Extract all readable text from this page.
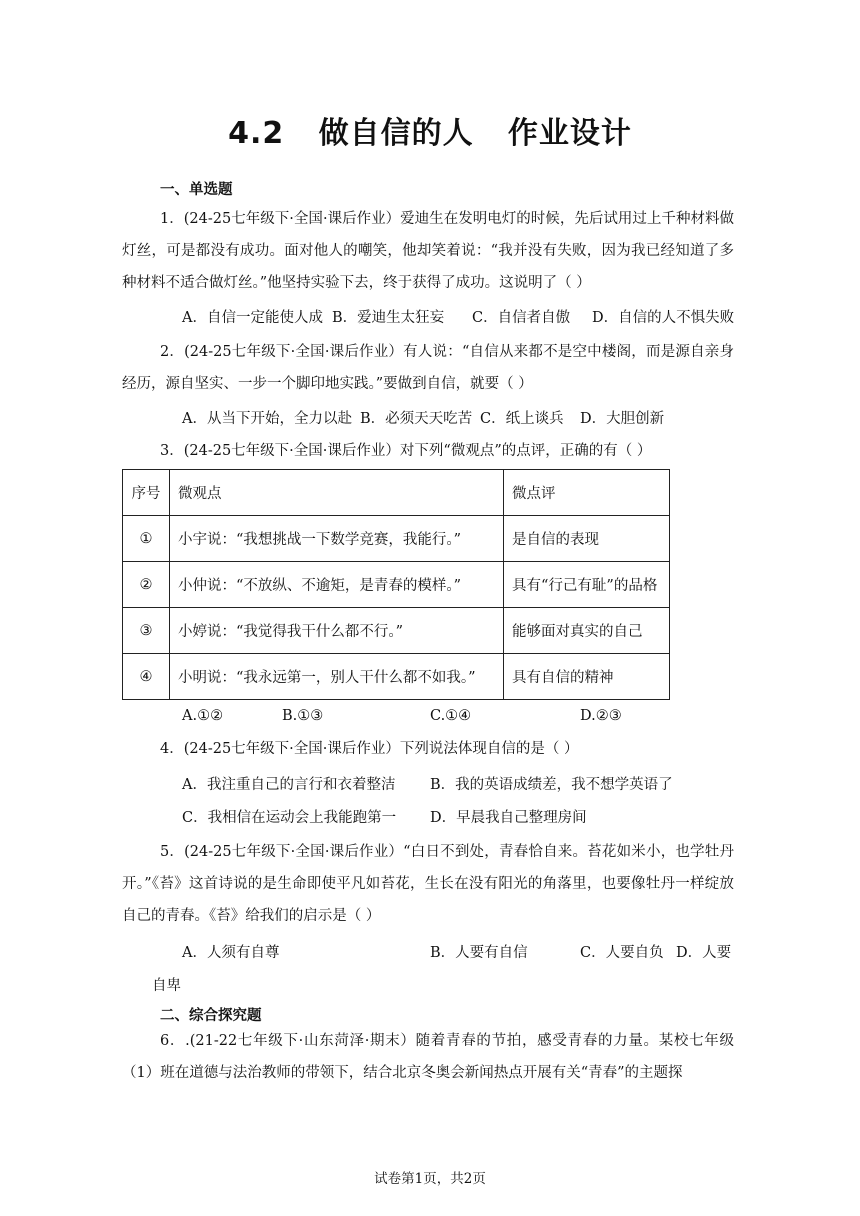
4.2   做自信的人   作业设计
一、单选题
1．(24-25七年级下·全国·课后作业）爱迪生在发明电灯的时候，先后试用过上千种材料做灯丝，可是都没有成功。面对他人的嘲笑，他却笑着说：“我并没有失败，因为我已经知道了多种材料不适合做灯丝。”他坚持实验下去，终于获得了成功。这说明了（ ）
A．自信一定能使人成 B．爱迪生太狂妄 C．自信者自傲 D．自信的人不惧失败
2．(24-25七年级下·全国·课后作业）有人说：“自信从来都不是空中楼阁，而是源自亲身经历，源自坚实、一步一个脚印地实践。”要做到自信，就要（ ）
A．从当下开始，全力以赴 B．必须天天吃苦 C．纸上谈兵 D．大胆创新
3．(24-25七年级下·全国·课后作业）对下列“微观点”的点评，正确的有（ ）
序号	微观点	微点评
①	小宇说：“我想挑战一下数学竞赛，我能行。”	是自信的表现
②	小仲说：“不放纵、不逾矩，是青春的模样。”	具有“行己有耻”的品格
③	小婷说：“我觉得我干什么都不行。”	能够面对真实的自己
④	小明说：“我永远第一，别人干什么都不如我。”	具有自信的精神
A.①②	B.①③	C.①④	D.②③
4．(24-25七年级下·全国·课后作业）下列说法体现自信的是（ ）
A．我注重自己的言行和衣着整洁 B．我的英语成绩差，我不想学英语了
C．我相信在运动会上我能跑第一 D．早晨我自己整理房间
5．(24-25七年级下·全国·课后作业）“白日不到处，青春恰自来。苔花如米小，也学牡丹开。”《苔》这首诗说的是生命即使平凡如苔花，生长在没有阳光的角落里，也要像牡丹一样绽放自己的青春。《苔》给我们的启示是（ ）
A．人须有自尊	B．人要有自信	C．人要自负 D．人要
自卑
二、综合探究题
6．.(21-22七年级下·山东菏泽·期末）随着青春的节拍，感受青春的力量。某校七年级（1）班在道德与法治教师的带领下，结合北京冬奥会新闻热点开展有关“青春”的主题探
试卷第1页，共2页
